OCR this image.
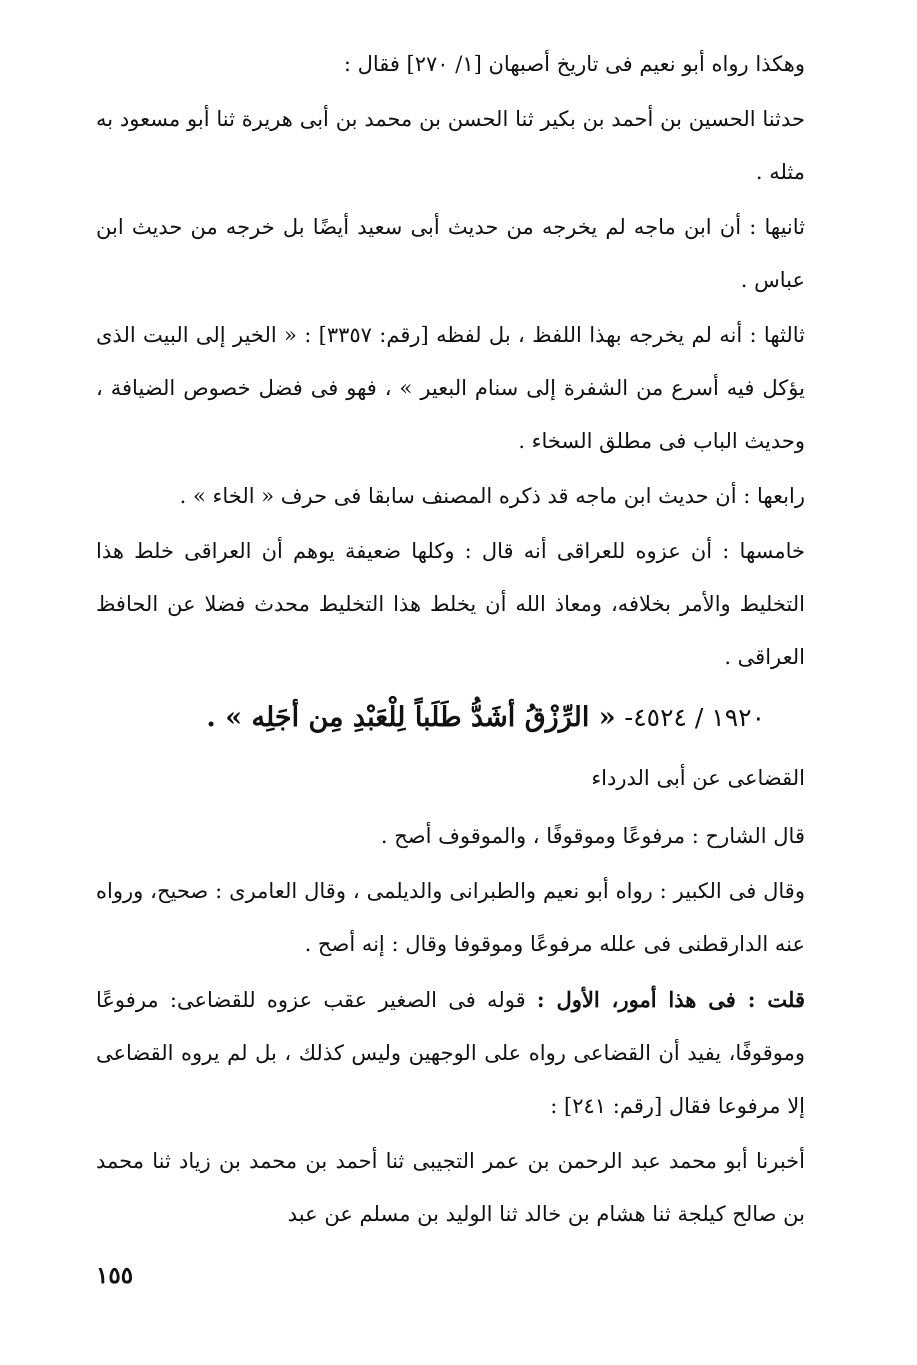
وهكذا رواه أبو نعيم فى تاريخ أصبهان [١/ ٢٧٠] فقال :

حدثنا الحسين بن أحمد بن بكير ثنا الحسن بن محمد بن أبى هريرة ثنا أبو مسعود به مثله .

ثانيها : أن ابن ماجه لم يخرجه من حديث أبى سعيد أيضًا بل خرجه من حديث ابن عباس .

ثالثها : أنه لم يخرجه بهذا اللفظ ، بل لفظه [رقم: ٣٣٥٧] : « الخير إلى البيت الذى يؤكل فيه أسرع من الشفرة إلى سنام البعير » ، فهو فى فضل خصوص الضيافة ، وحديث الباب فى مطلق السخاء .

رابعها : أن حديث ابن ماجه قد ذكره المصنف سابقا فى حرف « الخاء » .

خامسها : أن عزوه للعراقى أنه قال : وكلها ضعيفة يوهم أن العراقى خلط هذا التخليط والأمر بخلافه، ومعاذ الله أن يخلط هذا التخليط محدث فضلا عن الحافظ العراقى .

١٩٢٠ / ٤٥٢٤- « الرِّزْقُ أشَدُّ طَلَباً لِلْعَبْدِ مِن أجَلِه » .
القضاعى عن أبى الدرداء

قال الشارح : مرفوعًا وموقوفًا ، والموقوف أصح .

وقال فى الكبير : رواه أبو نعيم والطبرانى والديلمى ، وقال العامرى : صحيح، ورواه عنه الدارقطنى فى علله مرفوعًا وموقوفا وقال : إنه أصح .

قلت : فى هذا أمور، الأول : قوله فى الصغير عقب عزوه للقضاعى: مرفوعًا وموقوفًا، يفيد أن القضاعى رواه على الوجهين وليس كذلك ، بل لم يروه القضاعى إلا مرفوعا فقال [رقم: ٢٤١] :

أخبرنا أبو محمد عبد الرحمن بن عمر التجيبى ثنا أحمد بن محمد بن زياد ثنا محمد بن صالح كيلجة ثنا هشام بن خالد ثنا الوليد بن مسلم عن عبد

١٥٥
